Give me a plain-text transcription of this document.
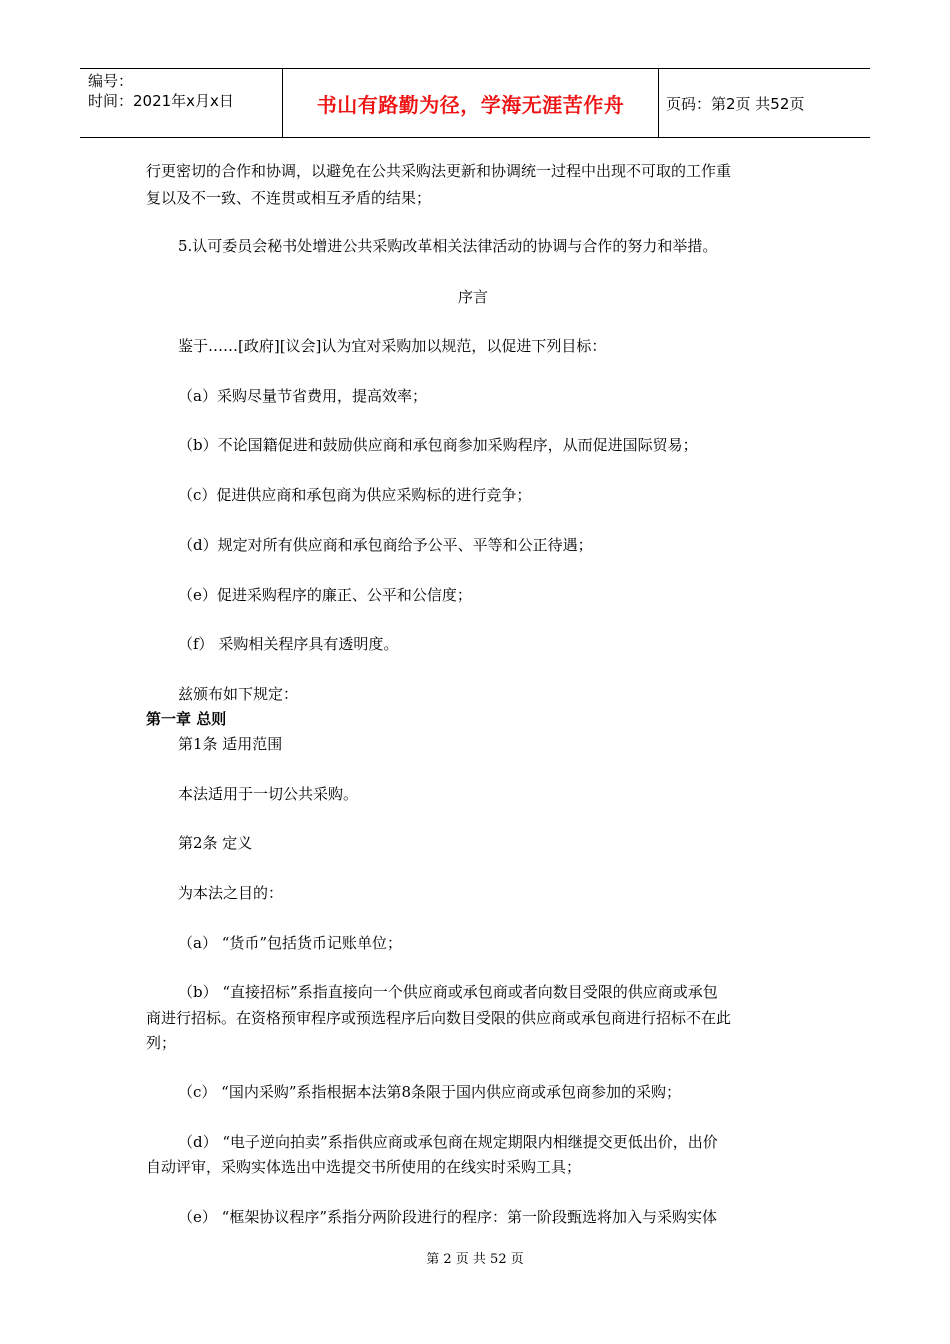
编号：
时间：2021年x月x日	书山有路勤为径，学海无涯苦作舟	页码：第2页 共52页
行更密切的合作和协调，以避免在公共采购法更新和协调统一过程中出现不可取的工作重
复以及不一致、不连贯或相互矛盾的结果；
5.认可委员会秘书处增进公共采购改革相关法律活动的协调与合作的努力和举措。
序言
鉴于……[政府][议会]认为宜对采购加以规范，以促进下列目标：
（a）采购尽量节省费用，提高效率；
（b）不论国籍促进和鼓励供应商和承包商参加采购程序，从而促进国际贸易；
（c）促进供应商和承包商为供应采购标的进行竞争；
（d）规定对所有供应商和承包商给予公平、平等和公正待遇；
（e）促进采购程序的廉正、公平和公信度；
（f） 采购相关程序具有透明度。
兹颁布如下规定：
第一章 总则
第1条 适用范围
本法适用于一切公共采购。
第2条 定义
为本法之目的：
（a） “货币”包括货币记账单位；
（b） “直接招标”系指直接向一个供应商或承包商或者向数目受限的供应商或承包
商进行招标。在资格预审程序或预选程序后向数目受限的供应商或承包商进行招标不在此
列；
（c） “国内采购”系指根据本法第8条限于国内供应商或承包商参加的采购；
（d） “电子逆向拍卖”系指供应商或承包商在规定期限内相继提交更低出价，出价
自动评审，采购实体选出中选提交书所使用的在线实时采购工具；
（e） “框架协议程序”系指分两阶段进行的程序：第一阶段甄选将加入与采购实体
第 2 页 共 52 页
